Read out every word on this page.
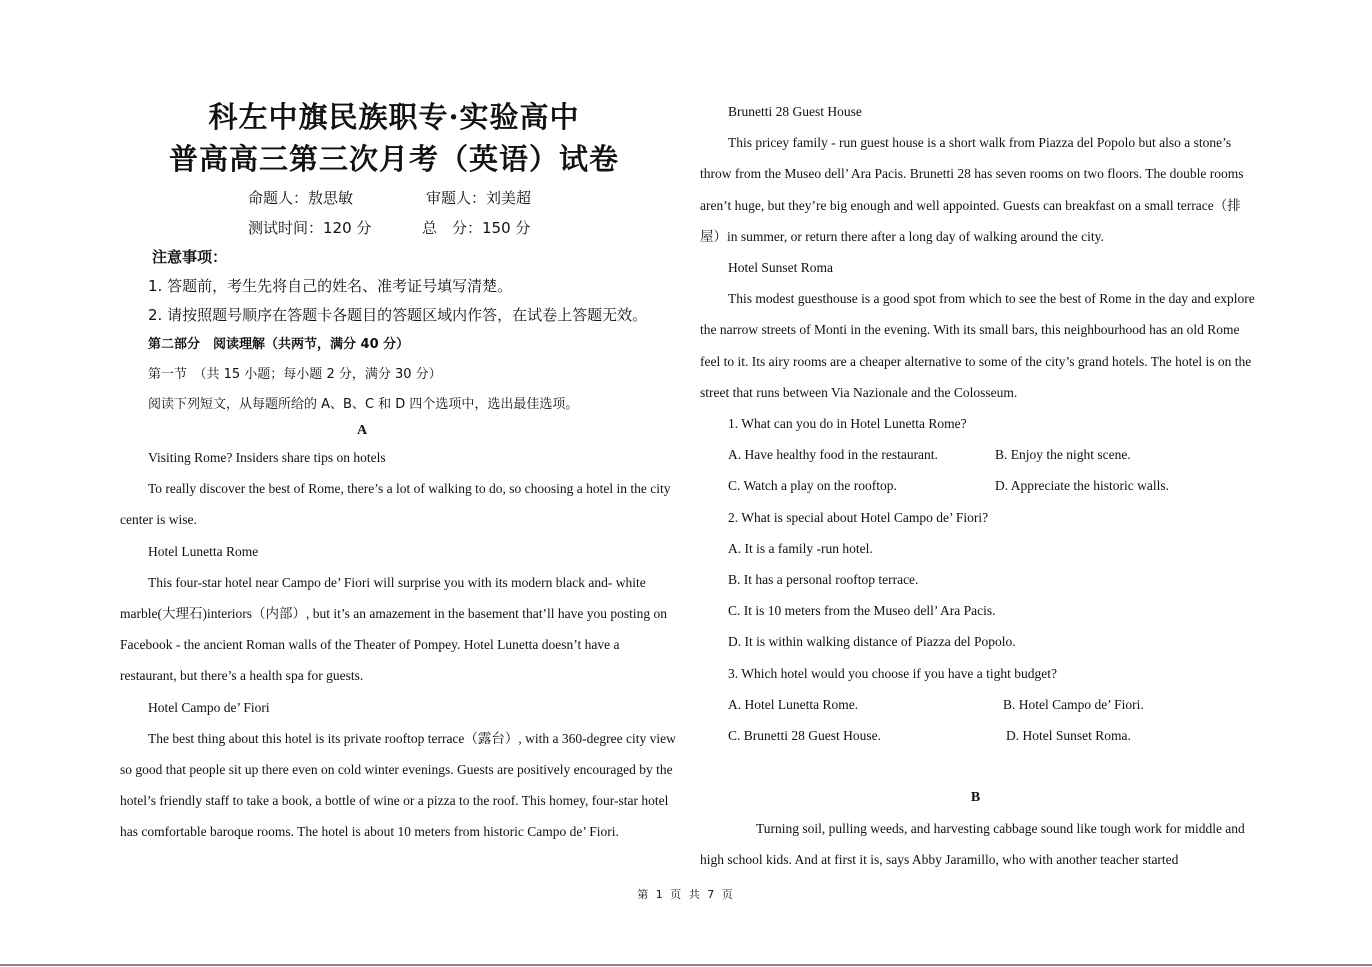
科左中旗民族职专·实验高中
普高高三第三次月考（英语）试卷
命题人：敖思敏	审题人：刘美超
测试时间：120 分	总　分：150 分
注意事项：
1. 答题前，考生先将自己的姓名、准考证号填写清楚。
2. 请按照题号顺序在答题卡各题目的答题区域内作答，在试卷上答题无效。
第二部分　阅读理解（共两节，满分 40 分）
第一节　（共 15 小题；每小题 2 分，满分 30 分）
阅读下列短文，从每题所给的 A、B、C 和 D 四个选项中，选出最佳选项。
A
Visiting Rome? Insiders share tips on hotels
To really discover the best of Rome, there’s a lot of walking to do, so choosing a hotel in the city center is wise.
Hotel Lunetta Rome
This four-star hotel near Campo de’ Fiori will surprise you with its modern black and- white marble(大理石)interiors（内部）, but it’s an amazement in the basement that’ll have you posting on Facebook - the ancient Roman walls of the Theater of Pompey. Hotel Lunetta doesn’t have a restaurant, but there’s a health spa for guests.
Hotel Campo de’ Fiori
The best thing about this hotel is its private rooftop terrace（露台）, with a 360-degree city view so good that people sit up there even on cold winter evenings. Guests are positively encouraged by the hotel’s friendly staff to take a book, a bottle of wine or a pizza to the roof. This homey, four-star hotel has comfortable baroque rooms. The hotel is about 10 meters from historic Campo de’ Fiori.
Brunetti 28 Guest House
This pricey family - run guest house is a short walk from Piazza del Popolo but also a stone’s throw from the Museo dell’ Ara Pacis. Brunetti 28 has seven rooms on two floors. The double rooms aren’t huge, but they’re big enough and well appointed. Guests can breakfast on a small terrace（排屋）in summer, or return there after a long day of walking around the city.
Hotel Sunset Roma
This modest guesthouse is a good spot from which to see the best of Rome in the day and explore the narrow streets of Monti in the evening. With its small bars, this neighbourhood has an old Rome feel to it. Its airy rooms are a cheaper alternative to some of the city’s grand hotels. The hotel is on the street that runs between Via Nazionale and the Colosseum.
1. What can you do in Hotel Lunetta Rome?
A. Have healthy food in the restaurant.	B. Enjoy the night scene.
C. Watch a play on the rooftop.	D. Appreciate the historic walls.
2. What is special about Hotel Campo de’ Fiori?
A. It is a family -run hotel.
B. It has a personal rooftop terrace.
C. It is 10 meters from the Museo dell’ Ara Pacis.
D. It is within walking distance of Piazza del Popolo.
3. Which hotel would you choose if you have a tight budget?
A. Hotel Lunetta Rome.	B. Hotel Campo de’ Fiori.
C. Brunetti 28 Guest House.	D. Hotel Sunset Roma.
B
Turning soil, pulling weeds, and harvesting cabbage sound like tough work for middle and high school kids. And at first it is, says Abby Jaramillo, who with another teacher started
第 1 页 共 7 页
